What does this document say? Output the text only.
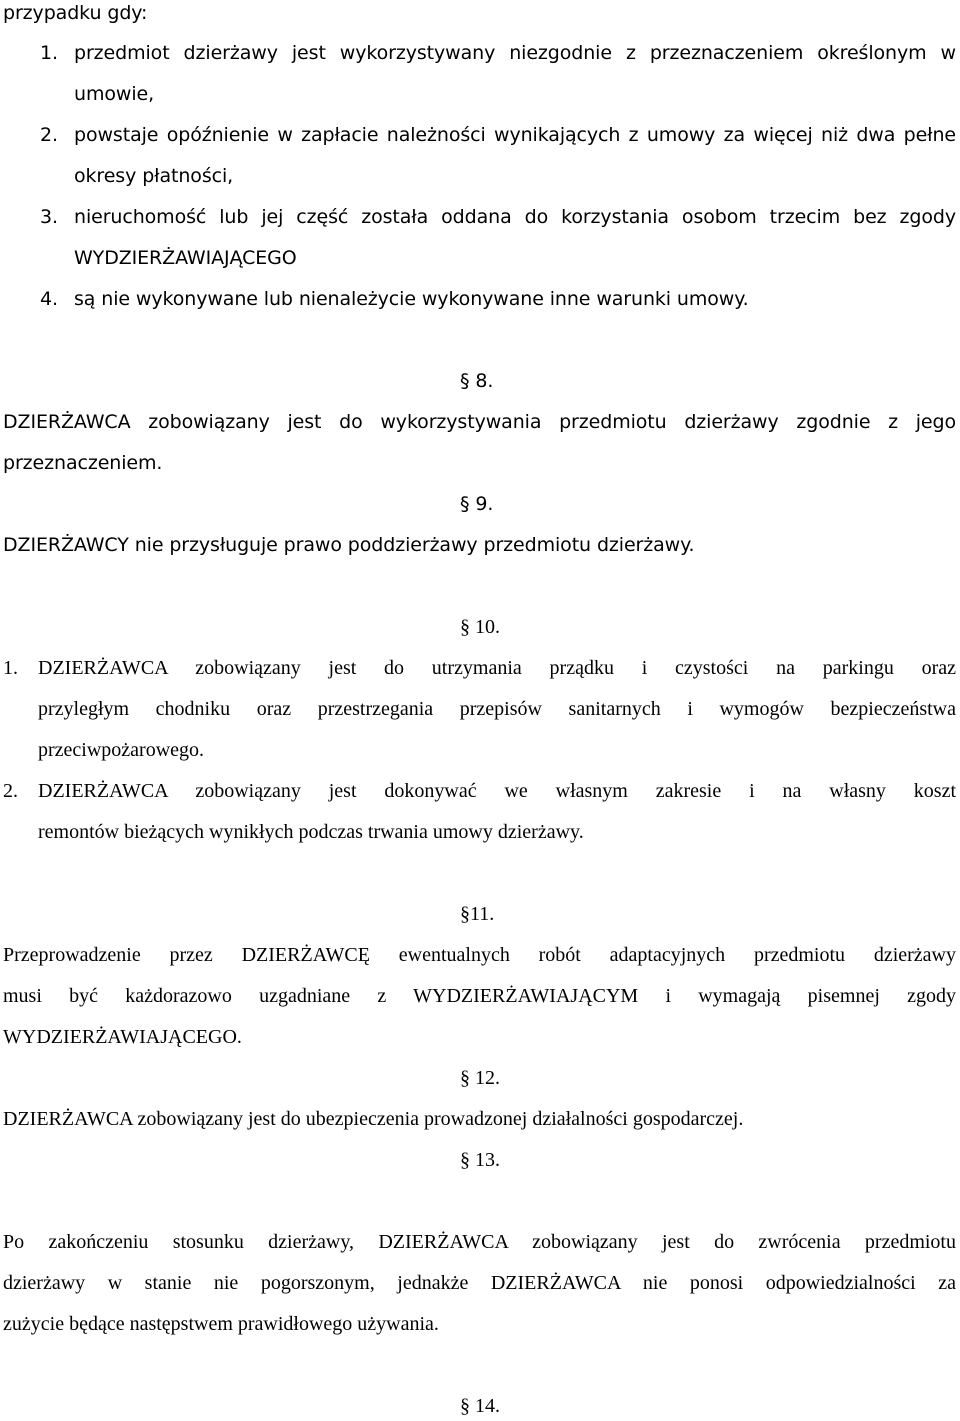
przypadku gdy:
1. przedmiot dzierżawy jest wykorzystywany niezgodnie z przeznaczeniem określonym w
umowie,
2. powstaje opóźnienie w zapłacie należności wynikających z umowy za więcej niż dwa pełne
okresy płatności,
3. nieruchomość lub jej część została oddana do korzystania osobom trzecim bez zgody
WYDZIERŻAWIAJĄCEGO
4. są nie wykonywane lub nienależycie wykonywane inne warunki umowy.
§ 8.
DZIERŻAWCA zobowiązany jest do wykorzystywania przedmiotu dzierżawy zgodnie z jego
przeznaczeniem.
§ 9.
DZIERŻAWCY nie przysługuje prawo poddzierżawy przedmiotu dzierżawy.
§ 10.
1. DZIERŻAWCA zobowiązany jest do utrzymania prządku i czystości na parkingu oraz
przyległym chodniku oraz przestrzegania przepisów sanitarnych i wymogów bezpieczeństwa
przeciwpożarowego.
2. DZIERŻAWCA zobowiązany jest dokonywać we własnym zakresie i na własny koszt
remontów bieżących wynikłych podczas trwania umowy dzierżawy.
§11.
Przeprowadzenie przez DZIERŻAWCĘ ewentualnych robót adaptacyjnych przedmiotu dzierżawy
musi być każdorazowo uzgadniane z WYDZIERŻAWIAJĄCYM i wymagają pisemnej zgody
WYDZIERŻAWIAJĄCEGO.
§ 12.
DZIERŻAWCA zobowiązany jest do ubezpieczenia prowadzonej działalności gospodarczej.
§ 13.
Po zakończeniu stosunku dzierżawy, DZIERŻAWCA zobowiązany jest do zwrócenia przedmiotu
dzierżawy w stanie nie pogorszonym, jednakże DZIERŻAWCA nie ponosi odpowiedzialności za
zużycie będące następstwem prawidłowego używania.
§ 14.
